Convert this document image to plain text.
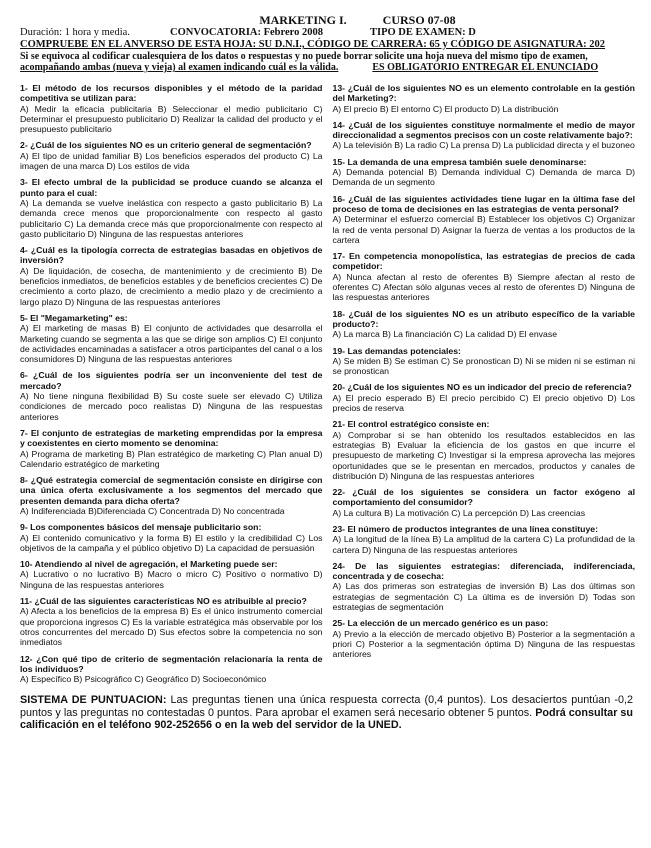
MARKETING I.	CURSO 07-08
Duración: 1 hora y media.	CONVOCATORIA: Febrero 2008	TIPO DE EXAMEN: D
COMPRUEBE EN EL ANVERSO DE ESTA HOJA: SU D.N.I., CÓDIGO DE CARRERA: 65 y CÓDIGO DE ASIGNATURA: 202
Si se equivoca al codificar cualesquiera de los datos o respuestas y no puede borrar solicite una hoja nueva del mismo tipo de examen,
acompañando ambas (nueva y vieja) al examen indicando cuál es la válida.	ES OBLIGATORIO ENTREGAR EL ENUNCIADO
1- El método de los recursos disponibles y el método de la paridad competitiva se utilizan para:
A) Medir la eficacia publicitaria B) Seleccionar el medio publicitario C) Determinar el presupuesto publicitario D) Realizar la calidad del producto y el presupuesto publicitario
2- ¿Cuál de los siguientes NO es un criterio general de segmentación?
A) El tipo de unidad familiar B) Los beneficios esperados del producto C) La imagen de una marca D) Los estilos de vida
3- El efecto umbral de la publicidad se produce cuando se alcanza el punto para el cual:
A) La demanda se vuelve inelástica con respecto a gasto publicitario B) La demanda crece menos que proporcionalmente con respecto al gasto publicitario C) La demanda crece más que proporcionalmente con respecto al gasto publicitario D) Ninguna de las respuestas anteriores
4- ¿Cuál es la tipología correcta de estrategias basadas en objetivos de inversión?
A) De liquidación, de cosecha, de mantenimiento y de crecimiento B) De beneficios inmediatos, de beneficios estables y de beneficios crecientes C) De crecimiento a corto plazo, de crecimiento a medio plazo y de crecimiento a largo plazo D) Ninguna de las respuestas anteriores
5- El "Megamarketing" es:
A) El marketing de masas B) El conjunto de actividades que desarrolla el Marketing cuando se segmenta a las que se dirige son amplios C) El conjunto de actividades encaminadas a satisfacer a otros participantes del canal o a los consumidores D) Ninguna de las respuestas anteriores
6- ¿Cuál de los siguientes podría ser un inconveniente del test de mercado?
A) No tiene ninguna flexibilidad B) Su coste suele ser elevado C) Utiliza condiciones de mercado poco realistas D) Ninguna de las respuestas anteriores
7- El conjunto de estrategias de marketing emprendidas por la empresa y coexistentes en cierto momento se denomina:
A) Programa de marketing B) Plan estratégico de marketing C) Plan anual D) Calendario estratégico de marketing
8- ¿Qué estrategia comercial de segmentación consiste en dirigirse con una única oferta exclusivamente a los segmentos del mercado que presenten demanda para dicha oferta?
A) Indiferenciada B)Diferenciada C) Concentrada D) No concentrada
9- Los componentes básicos del mensaje publicitario son:
A) El contenido comunicativo y la forma B) El estilo y la credibilidad C) Los objetivos de la campaña y el público objetivo D) La capacidad de persuasión
10- Atendiendo al nivel de agregación, el Marketing puede ser:
A) Lucrativo o no lucrativo B) Macro o micro C) Positivo o normativo D) Ninguna de las respuestas anteriores
11- ¿Cuál de las siguientes características NO es atribuible al precio?
A) Afecta a los beneficios de la empresa B) Es el único instrumento comercial que proporciona ingresos C) Es la variable estratégica más observable por los otros concurrentes del mercado D) Sus efectos sobre la competencia no son inmediatos
12- ¿Con qué tipo de criterio de segmentación relacionaría la renta de los individuos?
A) Específico B) Psicográfico C) Geográfico D) Socioeconómico
13- ¿Cuál de los siguientes NO es un elemento controlable en la gestión del Marketing?:
A) El precio B) El entorno C) El producto D) La distribución
14- ¿Cuál de los siguientes constituye normalmente el medio de mayor direccionalidad a segmentos precisos con un coste relativamente bajo?:
A) La televisión B) La radio C) La prensa D) La publicidad directa y el buzoneo
15- La demanda de una empresa también suele denominarse:
A) Demanda potencial B) Demanda individual C) Demanda de marca D) Demanda de un segmento
16- ¿Cuál de las siguientes actividades tiene lugar en la última fase del proceso de toma de decisiones en las estrategias de venta personal?
A) Determinar el esfuerzo comercial B) Establecer los objetivos C) Organizar la red de venta personal D) Asignar la fuerza de ventas a los productos de la cartera
17- En competencia monopolística, las estrategias de precios de cada competidor:
A) Nunca afectan al resto de oferentes B) Siempre afectan al resto de oferentes C) Afectan sólo algunas veces al resto de oferentes D) Ninguna de las respuestas anteriores
18- ¿Cuál de los siguientes NO es un atributo específico de la variable producto?:
A) La marca B) La financiación C) La calidad D) El envase
19- Las demandas potenciales:
A) Se miden B) Se estiman C) Se pronostican D) Ni se miden ni se estiman ni se pronostican
20- ¿Cuál de los siguientes NO es un indicador del precio de referencia?
A) El precio esperado B) El precio percibido C) El precio objetivo D) Los precios de reserva
21- El control estratégico consiste en:
A) Comprobar si se han obtenido los resultados establecidos en las estrategias B) Evaluar la eficiencia de los gastos en que incurre el presupuesto de marketing C) Investigar si la empresa aprovecha las mejores oportunidades que se le presentan en mercados, productos y canales de distribución D) Ninguna de las respuestas anteriores
22- ¿Cuál de los siguientes se considera un factor exógeno al comportamiento del consumidor?
A) La cultura B) La motivación C) La percepción D) Las creencias
23- El número de productos integrantes de una línea constituye:
A) La longitud de la línea B) La amplitud de la cartera C) La profundidad de la cartera D) Ninguna de las respuestas anteriores
24- De las siguientes estrategias: diferenciada, indiferenciada, concentrada y de cosecha:
A) Las dos primeras son estrategias de inversión B) Las dos últimas son estrategias de segmentación C) La última es de inversión D) Todas son estrategias de segmentación
25- La elección de un mercado genérico es un paso:
A) Previo a la elección de mercado objetivo B) Posterior a la segmentación a priori C) Posterior a la segmentación óptima D) Ninguna de las respuestas anteriores
SISTEMA DE PUNTUACION: Las preguntas tienen una única respuesta correcta (0,4 puntos). Los desaciertos puntúan -0,2 puntos y las preguntas no contestadas 0 puntos. Para aprobar el examen será necesario obtener 5 puntos. Podrá consultar su calificación en el teléfono 902-252656 o en la web del servidor de la UNED.
